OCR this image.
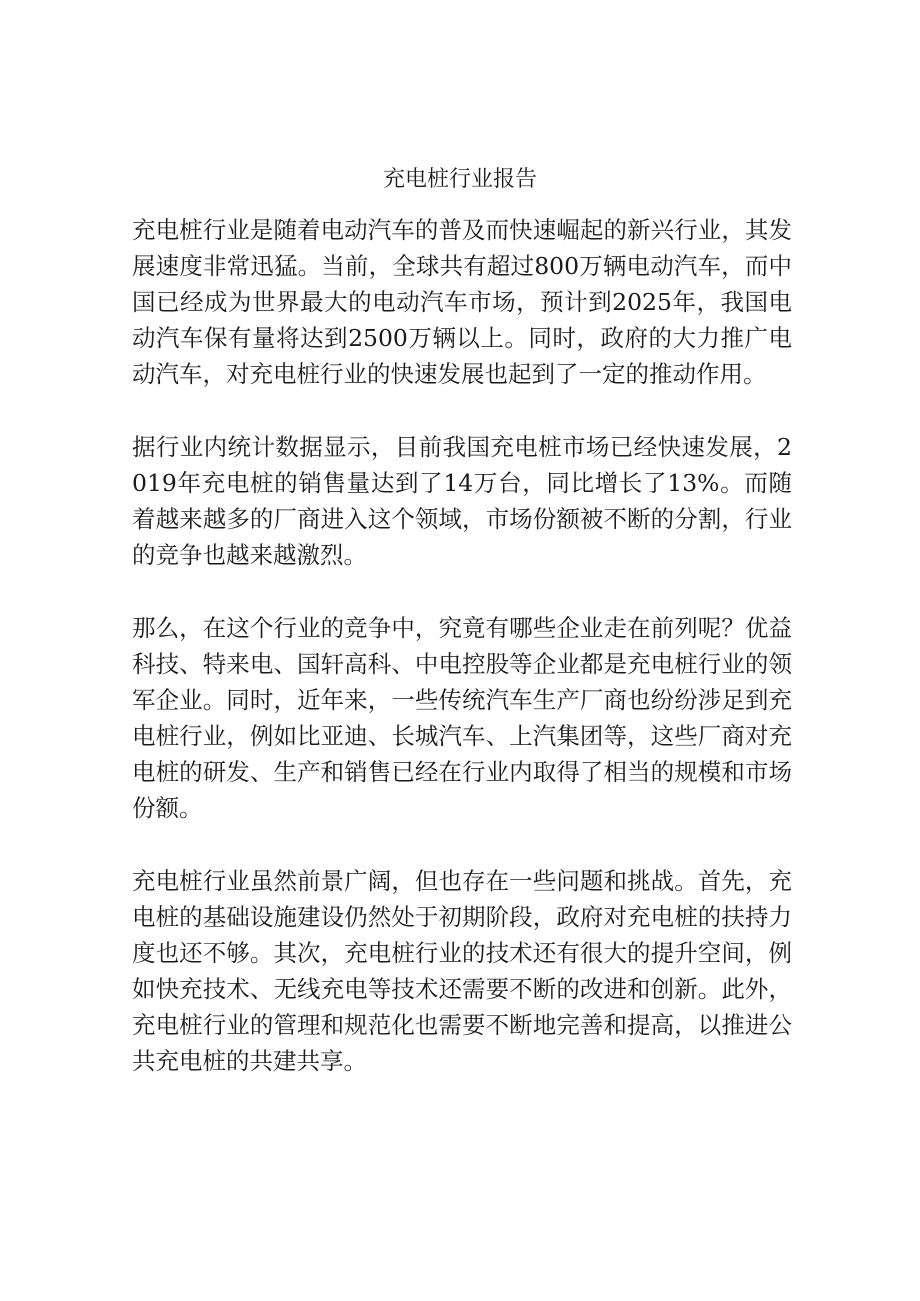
充电桩行业报告

充电桩行业是随着电动汽车的普及而快速崛起的新兴行业，其发展速度非常迅猛。当前，全球共有超过800万辆电动汽车，而中国已经成为世界最大的电动汽车市场，预计到2025年，我国电动汽车保有量将达到2500万辆以上。同时，政府的大力推广电动汽车，对充电桩行业的快速发展也起到了一定的推动作用。

据行业内统计数据显示，目前我国充电桩市场已经快速发展，2019年充电桩的销售量达到了14万台，同比增长了13%。而随着越来越多的厂商进入这个领域，市场份额被不断的分割，行业的竞争也越来越激烈。

那么，在这个行业的竞争中，究竟有哪些企业走在前列呢？优益科技、特来电、国轩高科、中电控股等企业都是充电桩行业的领军企业。同时，近年来，一些传统汽车生产厂商也纷纷涉足到充电桩行业，例如比亚迪、长城汽车、上汽集团等，这些厂商对充电桩的研发、生产和销售已经在行业内取得了相当的规模和市场份额。

充电桩行业虽然前景广阔，但也存在一些问题和挑战。首先，充电桩的基础设施建设仍然处于初期阶段，政府对充电桩的扶持力度也还不够。其次，充电桩行业的技术还有很大的提升空间，例如快充技术、无线充电等技术还需要不断的改进和创新。此外，充电桩行业的管理和规范化也需要不断地完善和提高，以推进公共充电桩的共建共享。
